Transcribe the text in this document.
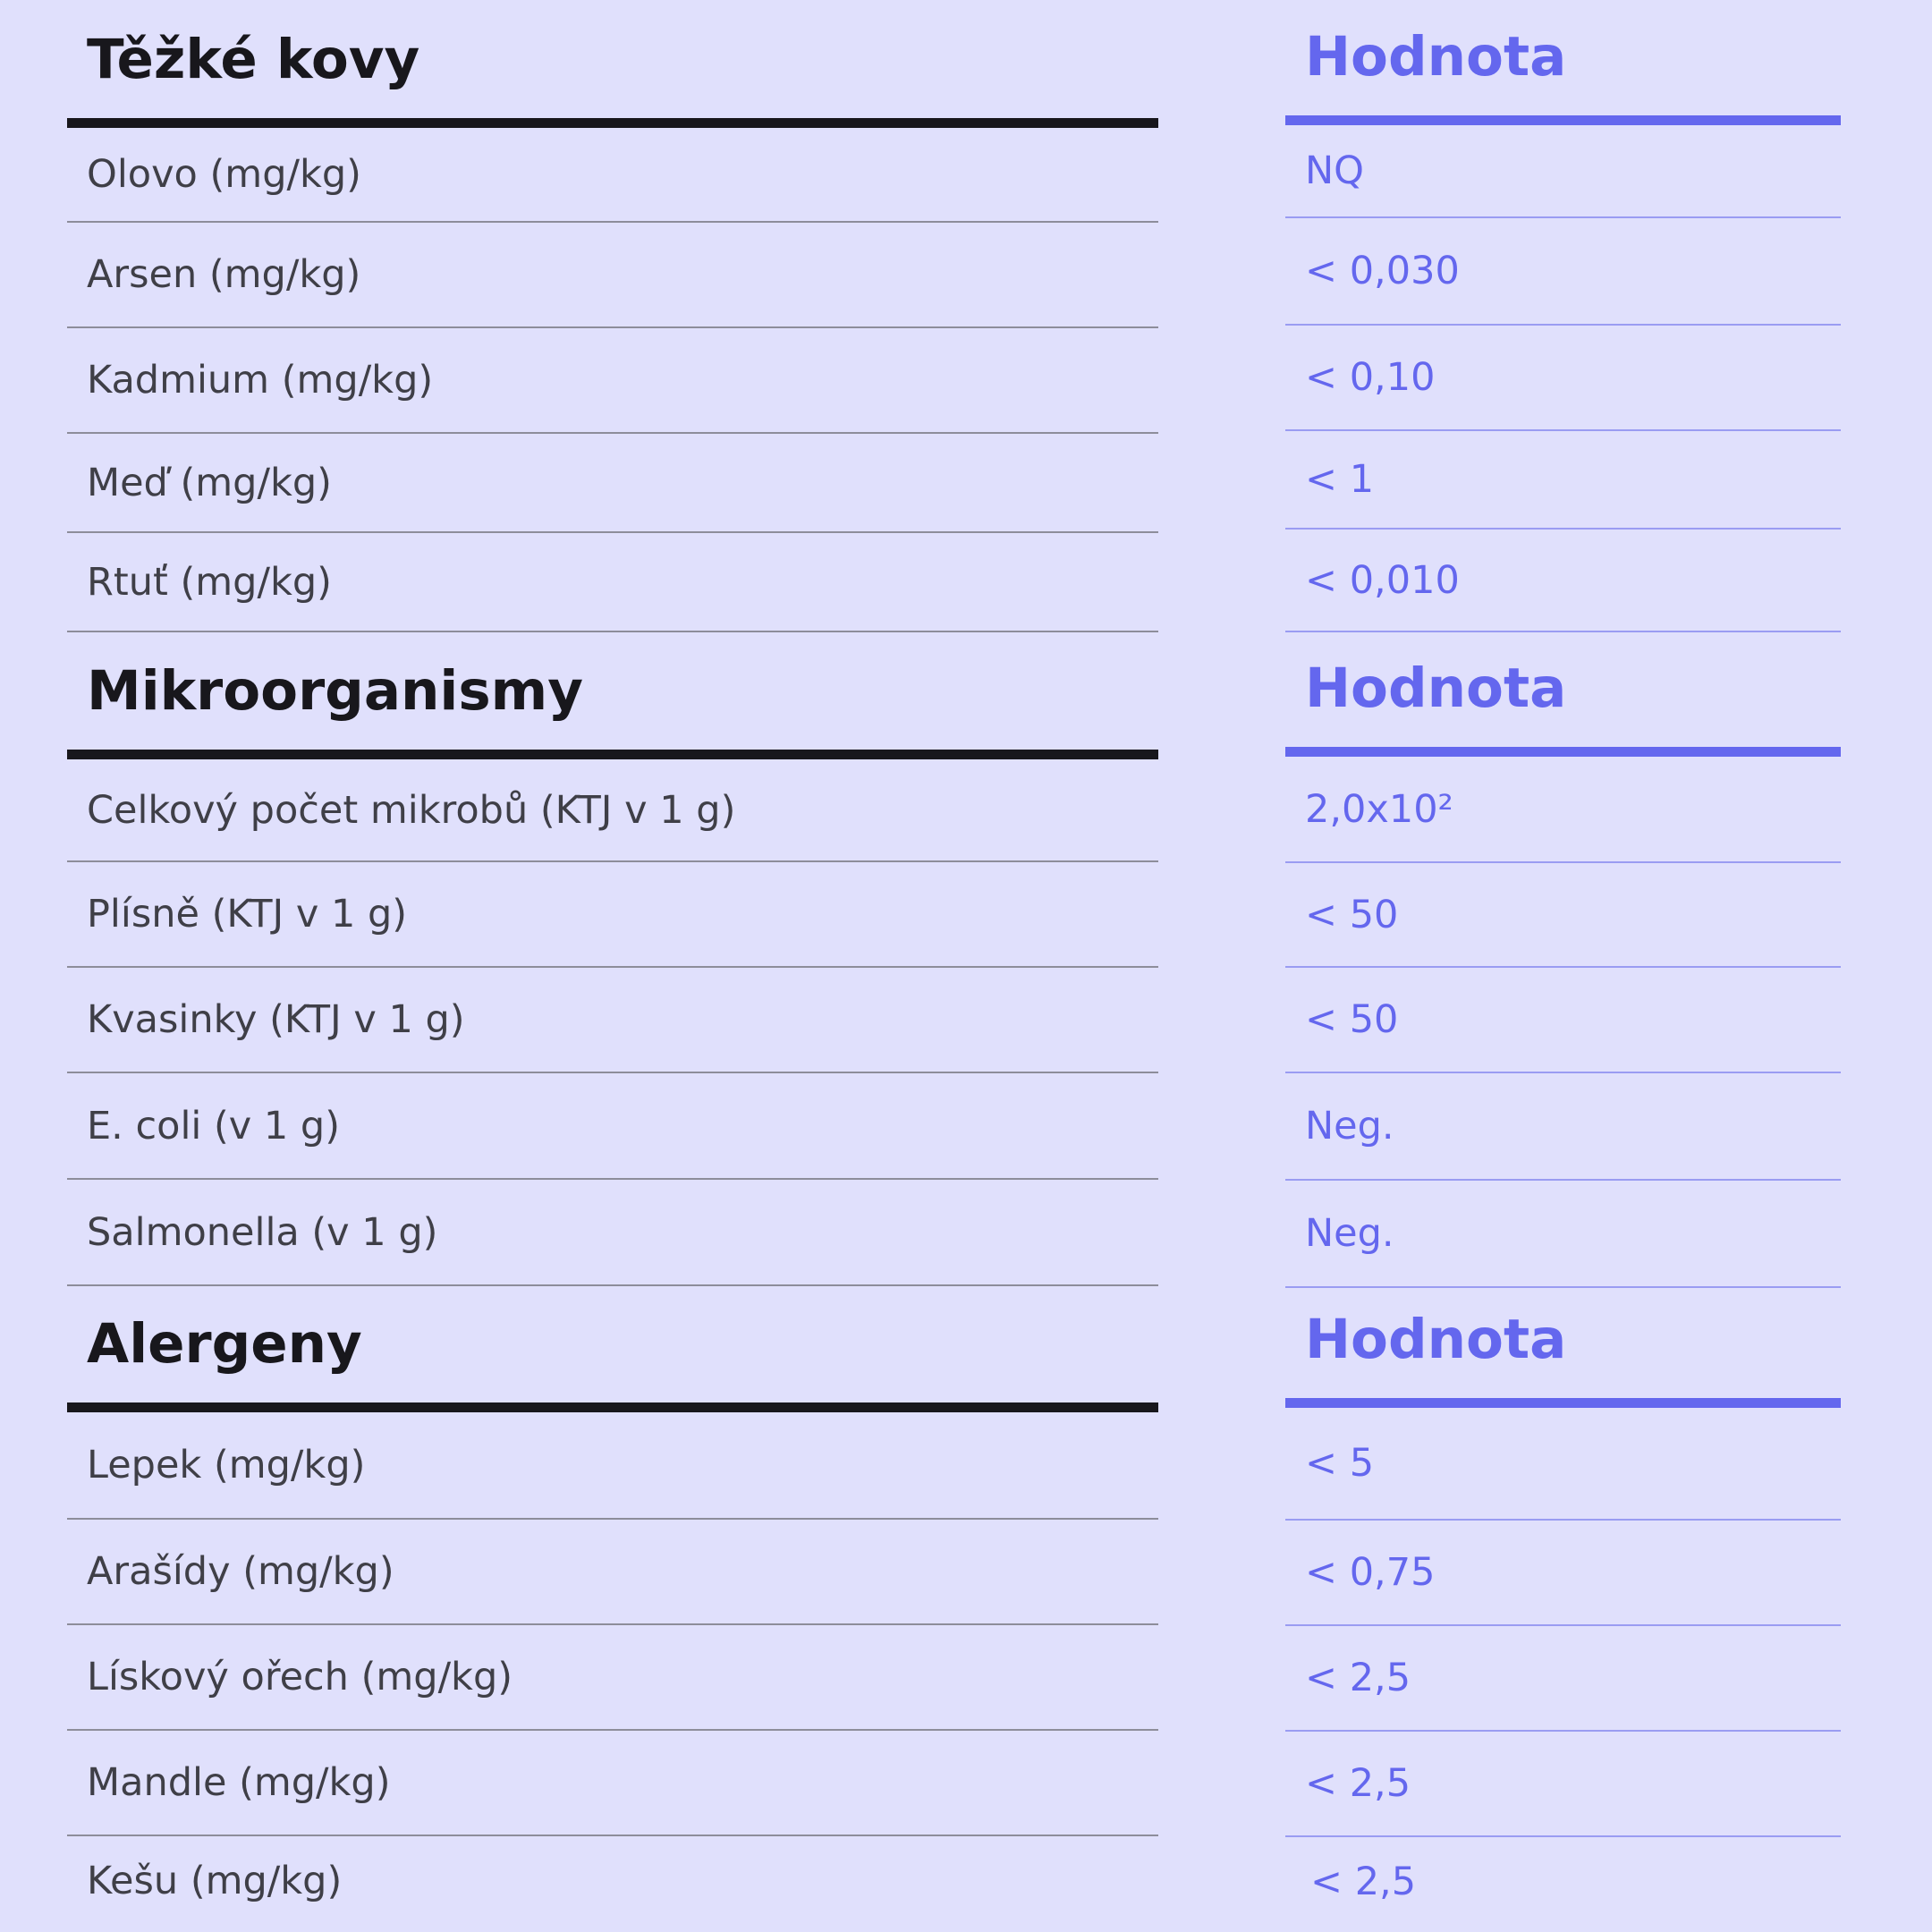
Těžké kovy
Olovo (mg/kg)
Arsen (mg/kg)
Kadmium (mg/kg)
Meď (mg/kg)
Rtuť (mg/kg)
Mikroorganismy
Celkový počet mikrobů (KTJ v 1 g)
Plísně (KTJ v 1 g)
Kvasinky (KTJ v 1 g)
E. coli (v 1 g)
Salmonella (v 1 g)
Alergeny
Lepek (mg/kg)
Arašídy (mg/kg)
Lískový ořech (mg/kg)
Mandle (mg/kg)
Kešu (mg/kg)
Hodnota
NQ
< 0,030
< 0,10
< 1
< 0,010
Hodnota
2,0x10²
< 50
< 50
Neg.
Neg.
Hodnota
< 5
< 0,75
< 2,5
< 2,5
< 2,5
